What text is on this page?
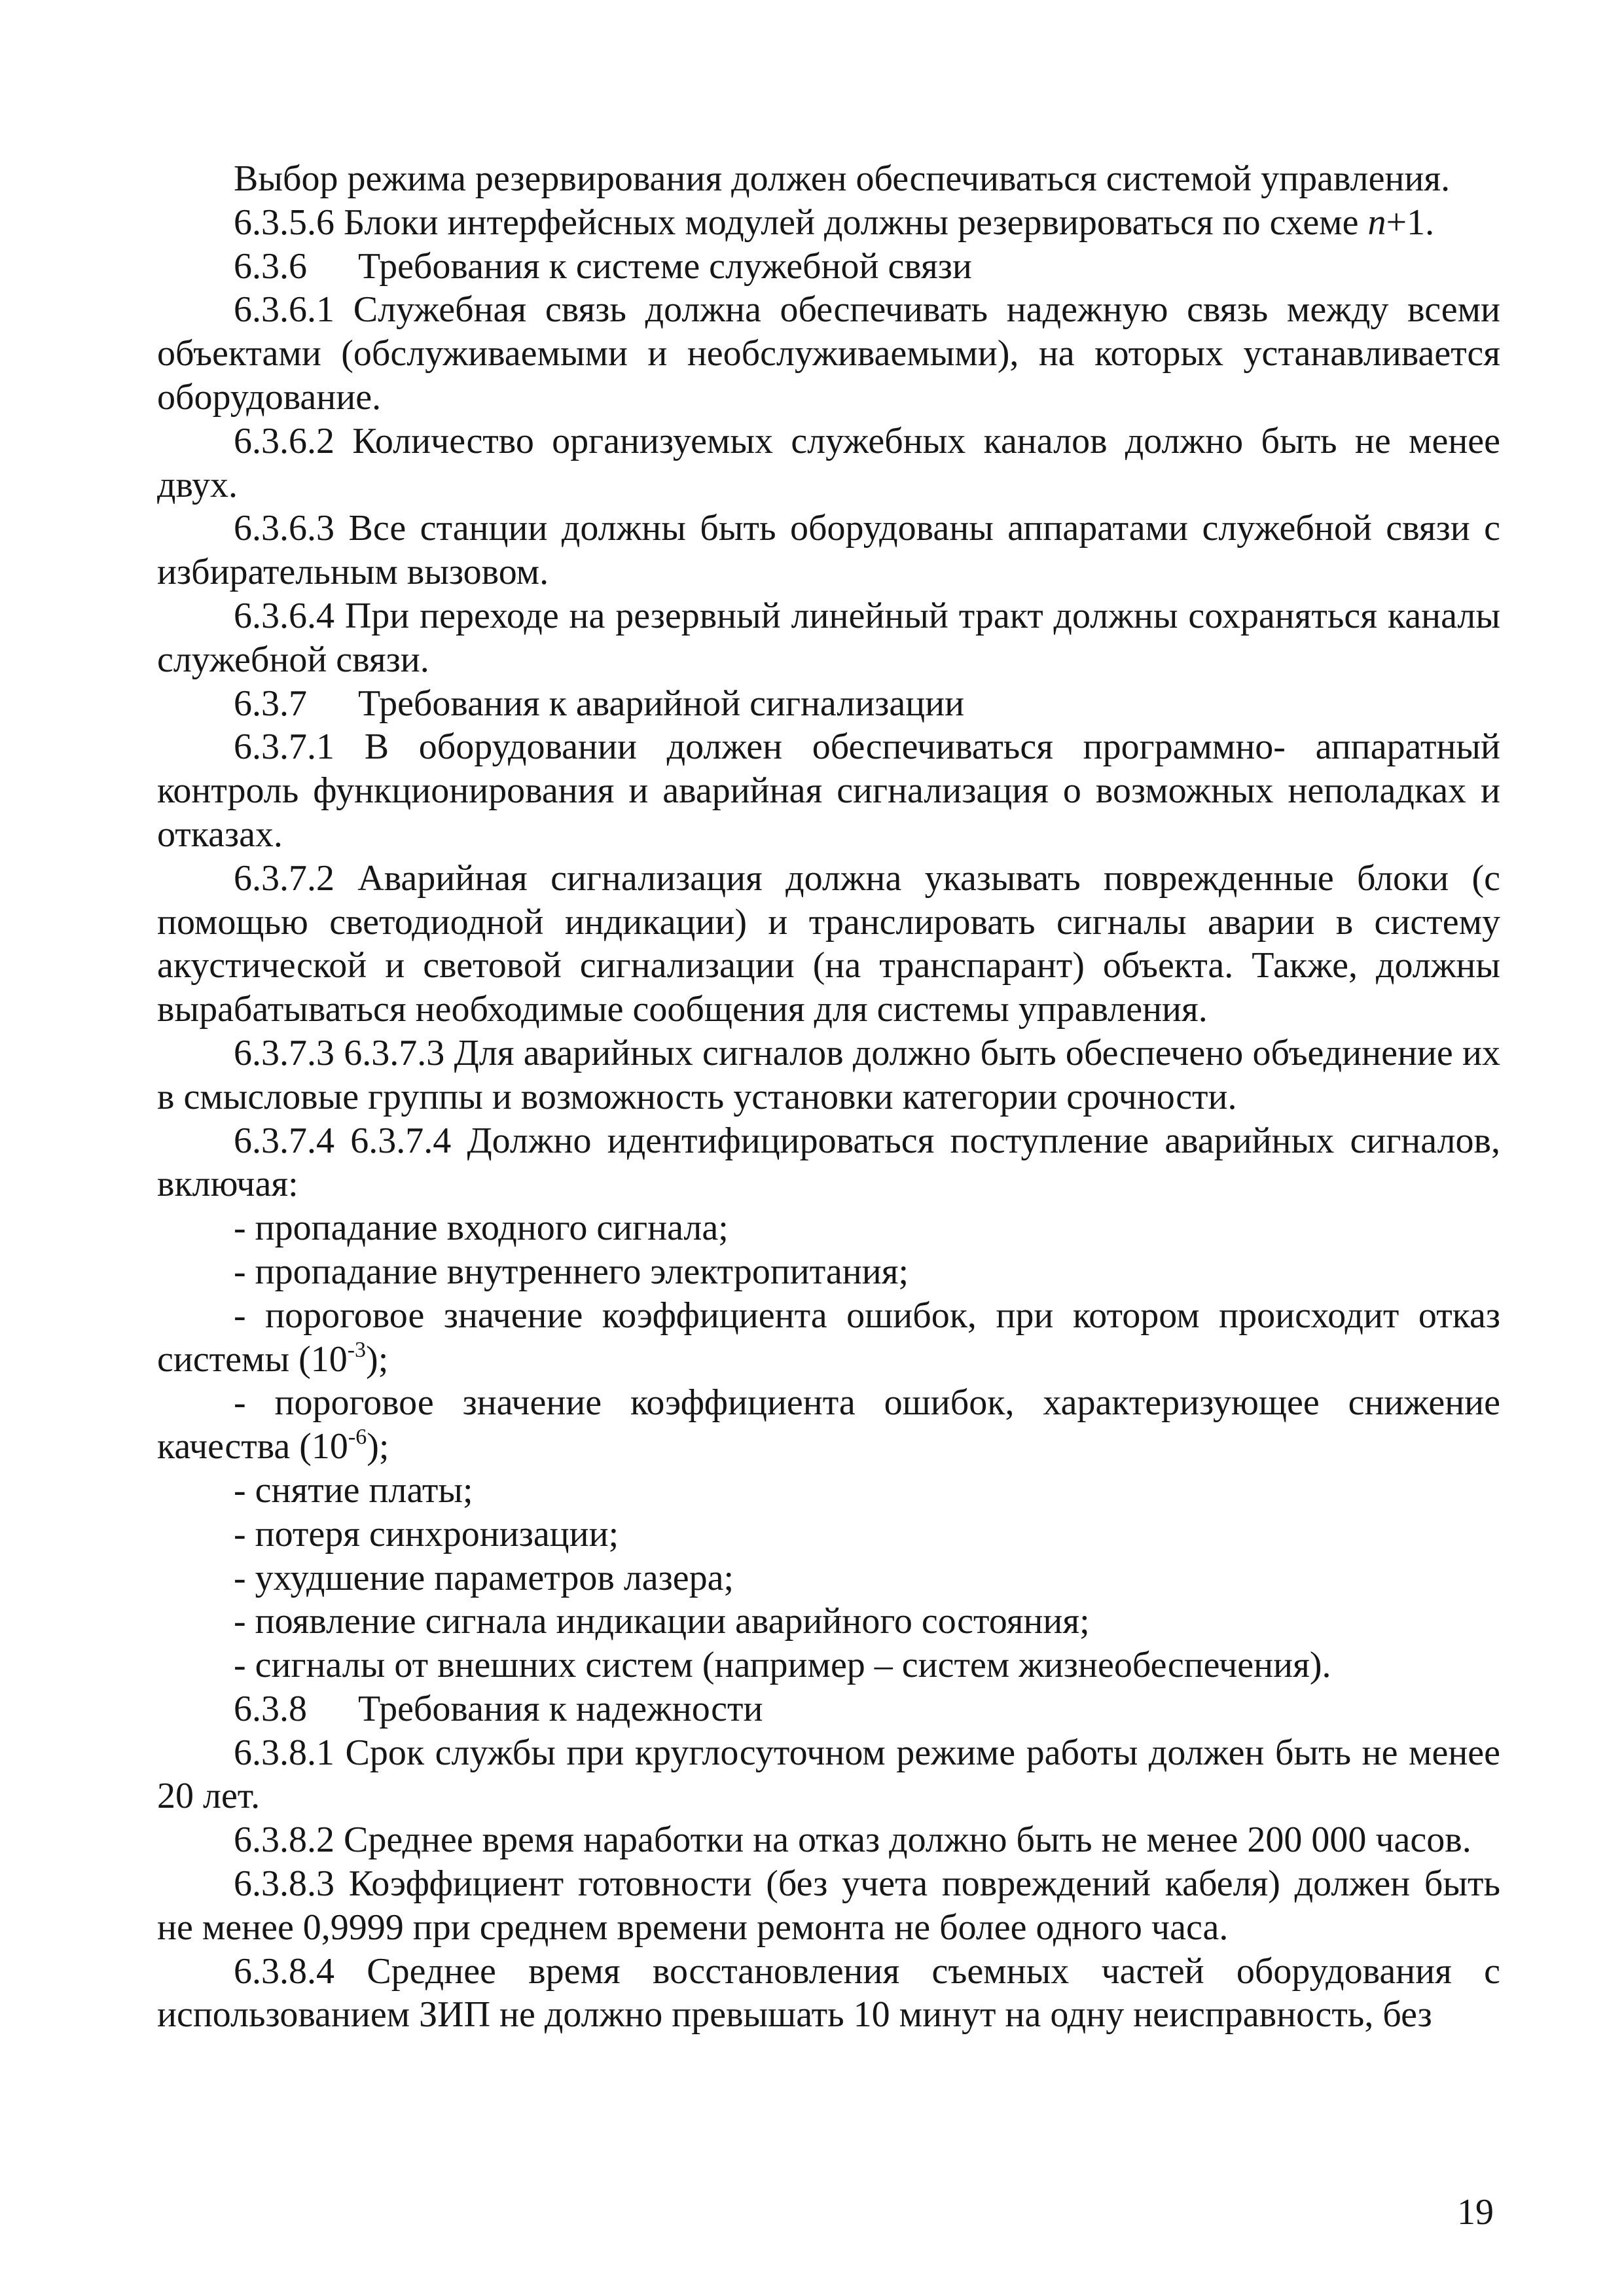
Выбор режима резервирования должен обеспечиваться системой управления.

6.3.5.6 Блоки интерфейсных модулей должны резервироваться по схеме n+1.

6.3.6 Требования к системе служебной связи

6.3.6.1 Служебная связь должна обеспечивать надежную связь между всеми объектами (обслуживаемыми и необслуживаемыми), на которых устанавливается оборудование.

6.3.6.2 Количество организуемых служебных каналов должно быть не менее двух.

6.3.6.3 Все станции должны быть оборудованы аппаратами служебной связи с избирательным вызовом.

6.3.6.4 При переходе на резервный линейный тракт должны сохраняться каналы служебной связи.

6.3.7 Требования к аварийной сигнализации

6.3.7.1 В оборудовании должен обеспечиваться программно- аппаратный контроль функционирования и аварийная сигнализация о возможных неполадках и отказах.

6.3.7.2 Аварийная сигнализация должна указывать поврежденные блоки (с помощью светодиодной индикации) и транслировать сигналы аварии в систему акустической и световой сигнализации (на транспарант) объекта. Также, должны вырабатываться необходимые сообщения для системы управления.

6.3.7.3 6.3.7.3 Для аварийных сигналов должно быть обеспечено объединение их в смысловые группы и возможность установки категории срочности.

6.3.7.4 6.3.7.4 Должно идентифицироваться поступление аварийных сигналов, включая:

- пропадание входного сигнала;

- пропадание внутреннего электропитания;

- пороговое значение коэффициента ошибок, при котором происходит отказ системы $(10^{-3})$;

- пороговое значение коэффициента ошибок, характеризующее снижение качества $(10^{-6})$;

- снятие платы;

- потеря синхронизации;

- ухудшение параметров лазера;

- появление сигнала индикации аварийного состояния;

- сигналы от внешних систем (например – систем жизнеобеспечения).

6.3.8 Требования к надежности

6.3.8.1 Срок службы при круглосуточном режиме работы должен быть не менее 20 лет.

6.3.8.2 Среднее время наработки на отказ должно быть не менее 200 000 часов.

6.3.8.3 Коэффициент готовности (без учета повреждений кабеля) должен быть не менее 0,9999 при среднем времени ремонта не более одного часа.

6.3.8.4 Среднее время восстановления съемных частей оборудования с использованием ЗИП не должно превышать 10 минут на одну неисправность, без

19
